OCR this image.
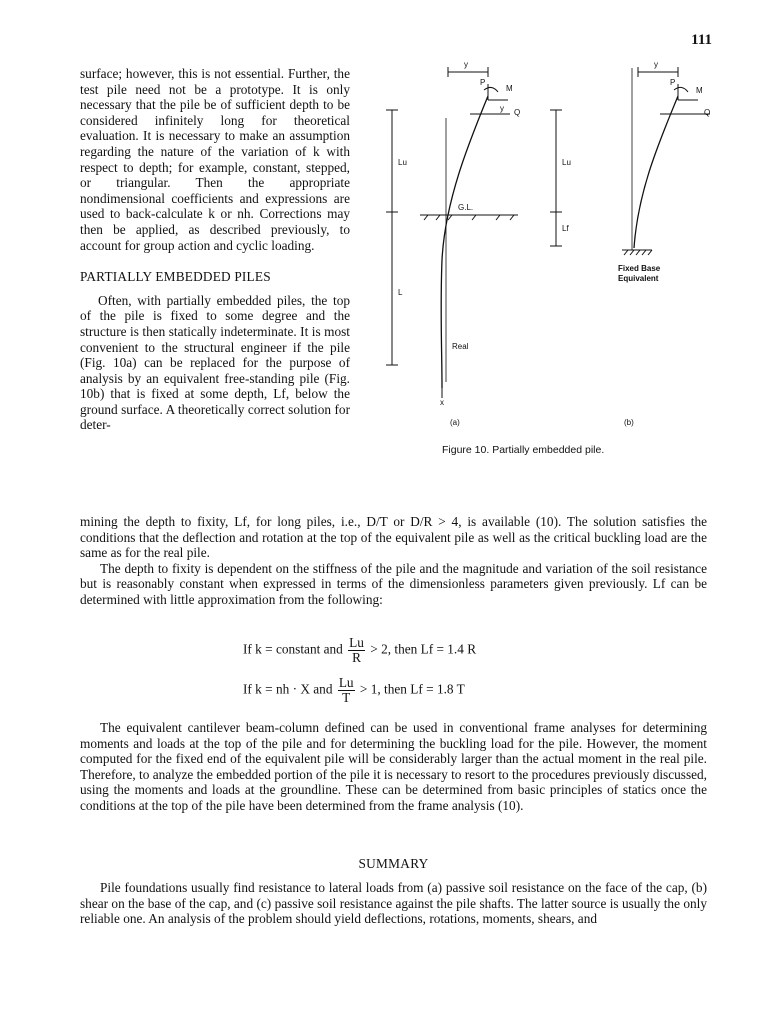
111

surface; however, this is not essential. Further, the test pile need not be a prototype. It is only necessary that the pile be of sufficient depth to be considered infinitely long for theoretical evaluation. It is necessary to make an assumption regarding the nature of the variation of k with respect to depth; for example, constant, stepped, or triangular. Then the appropriate nondimensional coefficients and expressions are used to back-calculate k or nh. Corrections may then be applied, as described previously, to account for group action and cyclic loading.

PARTIALLY EMBEDDED PILES

Often, with partially embedded piles, the top of the pile is fixed to some degree and the structure is then statically indeterminate. It is most convenient to the structural engineer if the pile (Fig. 10a) can be replaced for the purpose of analysis by an equivalent free-standing pile (Fig. 10b) that is fixed at some depth, Lf, below the ground surface. A theoretically correct solution for deter-

y
P
M
y Q
Lu
L
G.L.
Real
x
(a)
y
P
M
Q
Lu
Lf
Fixed Base
Equivalent
(b)
Figure 10. Partially embedded pile.

mining the depth to fixity, Lf, for long piles, i.e., D/T or D/R > 4, is available (10). The solution satisfies the conditions that the deflection and rotation at the top of the equivalent pile as well as the critical buckling load are the same as for the real pile.

The depth to fixity is dependent on the stiffness of the pile and the magnitude and variation of the soil resistance but is reasonably constant when expressed in terms of the dimensionless parameters given previously. Lf can be determined with little approximation from the following:

If k = constant and $\frac{Lu}{R} > 2$, then Lf = 1.4 R
If k = nh · X and $\frac{Lu}{T} > 1$, then Lf = 1.8 T

The equivalent cantilever beam-column defined can be used in conventional frame analyses for determining moments and loads at the top of the pile and for determining the buckling load for the pile. However, the moment computed for the fixed end of the equivalent pile will be considerably larger than the actual moment in the real pile. Therefore, to analyze the embedded portion of the pile it is necessary to resort to the procedures previously discussed, using the moments and loads at the groundline. These can be determined from basic principles of statics once the conditions at the top of the pile have been determined from the frame analysis (10).

SUMMARY

Pile foundations usually find resistance to lateral loads from (a) passive soil resistance on the face of the cap, (b) shear on the base of the cap, and (c) passive soil resistance against the pile shafts. The latter source is usually the only reliable one. An analysis of the problem should yield deflections, rotations, moments, shears, and
